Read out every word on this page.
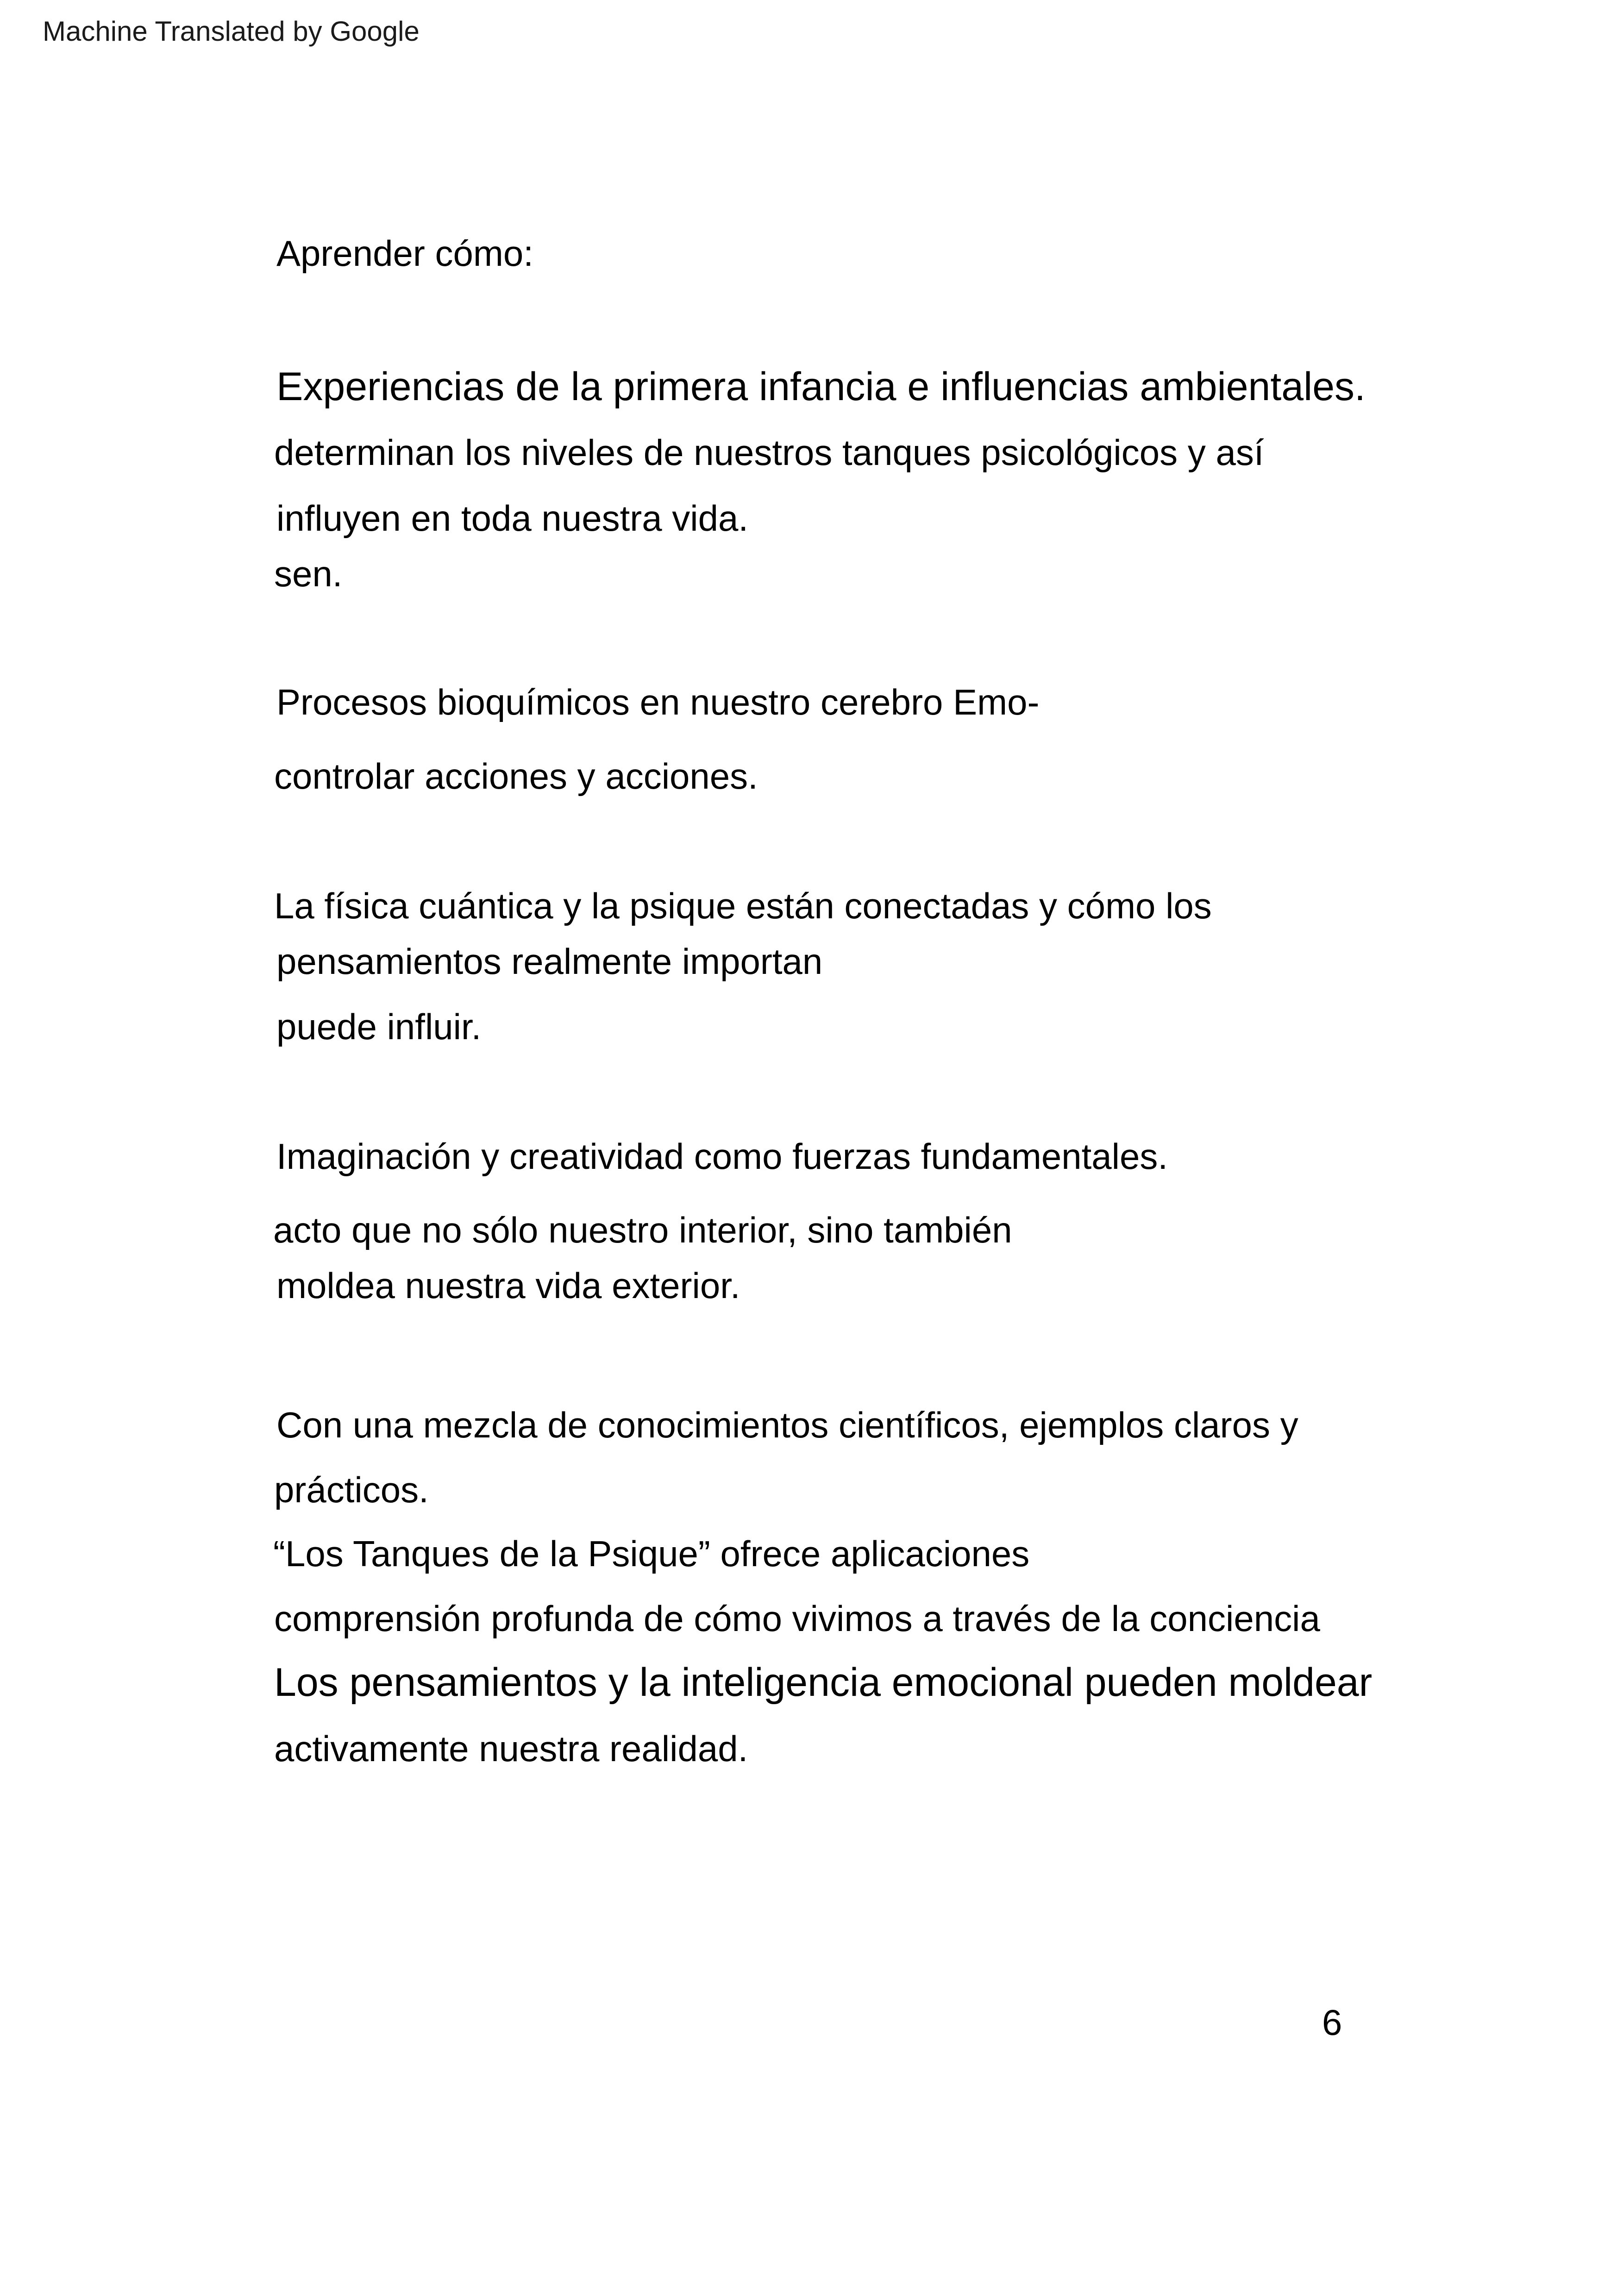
Machine Translated by Google
Aprender cómo:
Experiencias de la primera infancia e influencias ambientales.
determinan los niveles de nuestros tanques psicológicos y así
influyen en toda nuestra vida.
sen.
Procesos bioquímicos en nuestro cerebro Emo-
controlar acciones y acciones.
La física cuántica y la psique están conectadas y cómo los
pensamientos realmente importan
puede influir.
Imaginación y creatividad como fuerzas fundamentales.
acto que no sólo nuestro interior, sino también
moldea nuestra vida exterior.
Con una mezcla de conocimientos científicos, ejemplos claros y
prácticos.
“Los Tanques de la Psique” ofrece aplicaciones
comprensión profunda de cómo vivimos a través de la conciencia
Los pensamientos y la inteligencia emocional pueden moldear
activamente nuestra realidad.
6
